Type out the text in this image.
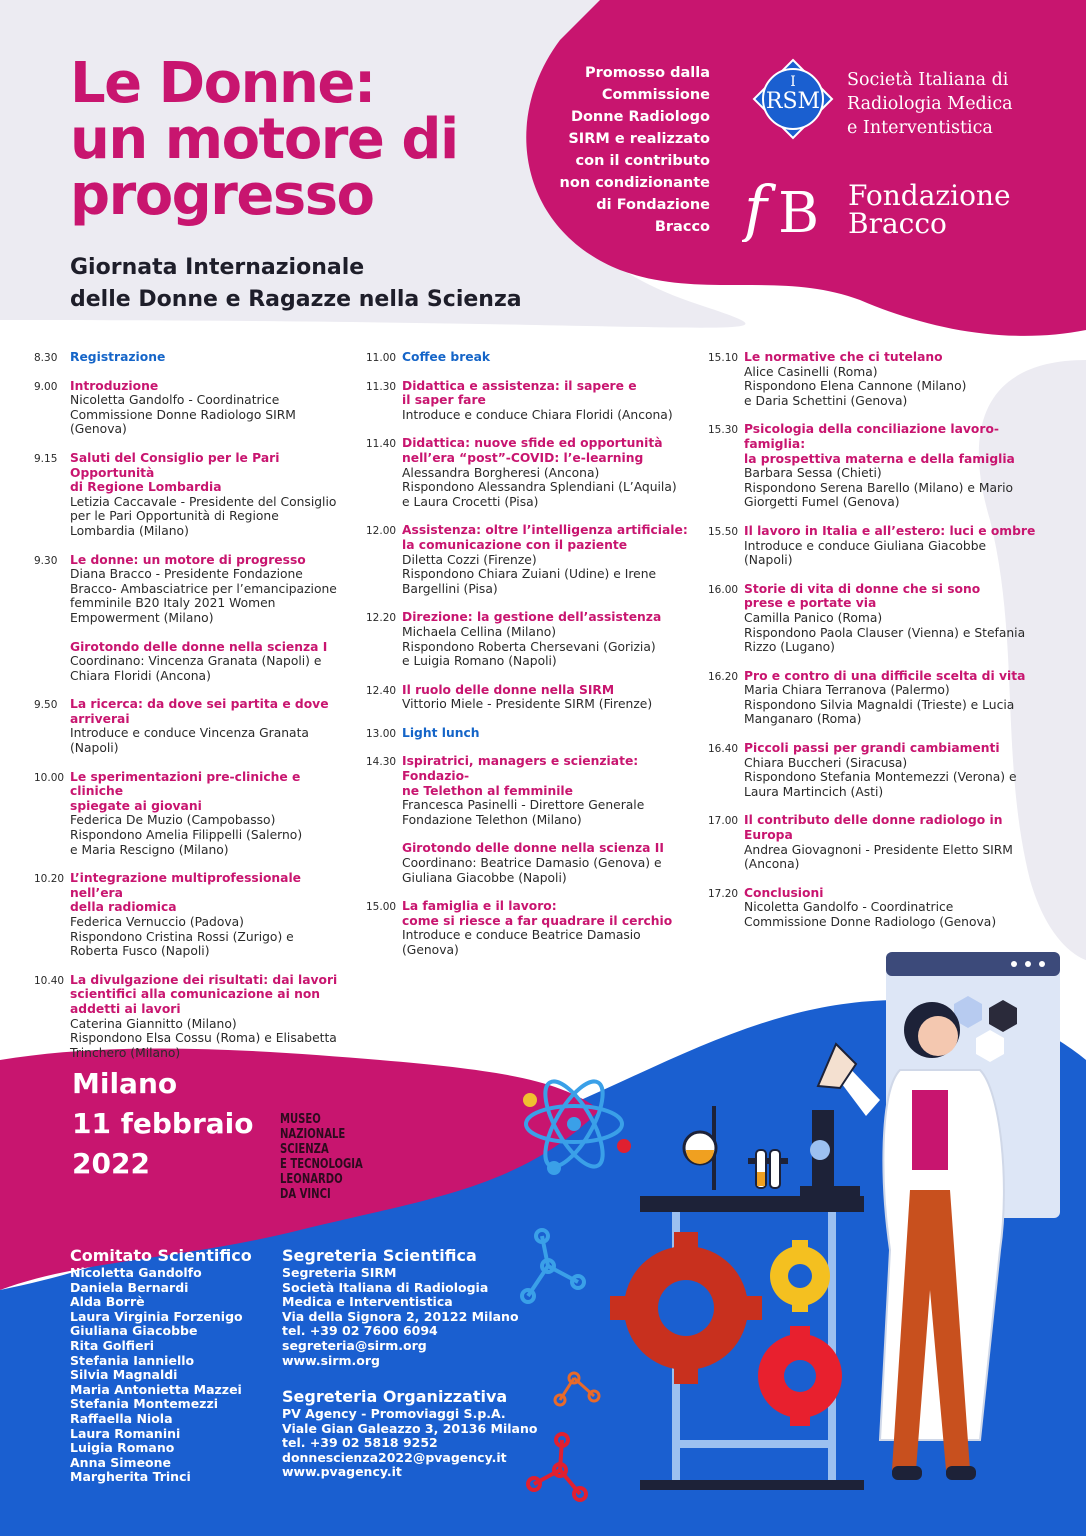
Le Donne:
un motore di
progresso
Giornata Internazionale
delle Donne e Ragazze nella Scienza
Promosso dalla
Commissione
Donne Radiologo
SIRM e realizzato
con il contributo
non condizionante
di Fondazione
Bracco
RSM
I	Società Italiana di
Radiologia Medica
e Interventistica
f B Fondazione
Bracco
8.30	Registrazione
9.00	Introduzione
Nicoletta Gandolfo - Coordinatrice
Commissione Donne Radiologo SIRM
(Genova)
9.15	Saluti del Consiglio per le Pari Opportunità
di Regione Lombardia
Letizia Caccavale - Presidente del Consiglio
per le Pari Opportunità di Regione
Lombardia (Milano)
9.30	Le donne: un motore di progresso
Diana Bracco - Presidente Fondazione
Bracco- Ambasciatrice per l’emancipazione
femminile B20 Italy 2021 Women
Empowerment (Milano)
Girotondo delle donne nella scienza I
Coordinano: Vincenza Granata (Napoli) e
Chiara Floridi (Ancona)
9.50	La ricerca: da dove sei partita e dove
arriverai
Introduce e conduce Vincenza Granata
(Napoli)
10.00 Le sperimentazioni pre-cliniche e cliniche
spiegate ai giovani
Federica De Muzio (Campobasso)
Rispondono Amelia Filippelli (Salerno)
e Maria Rescigno (Milano)
10.20 L’integrazione multiprofessionale nell’era
della radiomica
Federica Vernuccio (Padova)
Rispondono Cristina Rossi (Zurigo) e
Roberta Fusco (Napoli)
10.40 La divulgazione dei risultati: dai lavori
scientifici alla comunicazione ai non
addetti ai lavori
Caterina Giannitto (Milano)
Rispondono Elsa Cossu (Roma) e Elisabetta
Trinchero (Milano)
11.00 Coffee break
11.30 Didattica e assistenza: il sapere e
il saper fare
Introduce e conduce Chiara Floridi (Ancona)
11.40 Didattica: nuove sfide ed opportunità
nell’era “post”-COVID: l’e-learning
Alessandra Borgheresi (Ancona)
Rispondono Alessandra Splendiani (L’Aquila)
e Laura Crocetti (Pisa)
12.00 Assistenza: oltre l’intelligenza artificiale:
la comunicazione con il paziente
Diletta Cozzi (Firenze)
Rispondono Chiara Zuiani (Udine) e Irene
Bargellini (Pisa)
12.20 Direzione: la gestione dell’assistenza
Michaela Cellina (Milano)
Rispondono Roberta Chersevani (Gorizia)
e Luigia Romano (Napoli)
12.40 Il ruolo delle donne nella SIRM
Vittorio Miele - Presidente SIRM (Firenze)
13.00 Light lunch
14.30 Ispiratrici, managers e scienziate: Fondazio-
ne Telethon al femminile
Francesca Pasinelli - Direttore Generale
Fondazione Telethon (Milano)
Girotondo delle donne nella scienza II
Coordinano: Beatrice Damasio (Genova) e
Giuliana Giacobbe (Napoli)
15.00 La famiglia e il lavoro:
come si riesce a far quadrare il cerchio
Introduce e conduce Beatrice Damasio
(Genova)
15.10 Le normative che ci tutelano
Alice Casinelli (Roma)
Rispondono Elena Cannone (Milano)
e Daria Schettini (Genova)
15.30 Psicologia della conciliazione lavoro-famiglia:
la prospettiva materna e della famiglia
Barbara Sessa (Chieti)
Rispondono Serena Barello (Milano) e Mario
Giorgetti Fumel (Genova)
15.50 Il lavoro in Italia e all’estero: luci e ombre
Introduce e conduce Giuliana Giacobbe
(Napoli)
16.00 Storie di vita di donne che si sono
prese e portate via
Camilla Panico (Roma)
Rispondono Paola Clauser (Vienna) e Stefania
Rizzo (Lugano)
16.20 Pro e contro di una difficile scelta di vita
Maria Chiara Terranova (Palermo)
Rispondono Silvia Magnaldi (Trieste) e Lucia
Manganaro (Roma)
16.40 Piccoli passi per grandi cambiamenti
Chiara Buccheri (Siracusa)
Rispondono Stefania Montemezzi (Verona) e
Laura Martincich (Asti)
17.00 Il contributo delle donne radiologo in Europa
Andrea Giovagnoni - Presidente Eletto SIRM
(Ancona)
17.20 Conclusioni
Nicoletta Gandolfo - Coordinatrice
Commissione Donne Radiologo (Genova)
Milano
11 febbraio
2022
MUSEO
NAZIONALE
SCIENZA
E TECNOLOGIA
LEONARDO
DA VINCI
Comitato Scientifico
Nicoletta Gandolfo
Daniela Bernardi
Alda Borrè
Laura Virginia Forzenigo
Giuliana Giacobbe
Rita Golfieri
Stefania Ianniello
Silvia Magnaldi
Maria Antonietta Mazzei
Stefania Montemezzi
Raffaella Niola
Laura Romanini
Luigia Romano
Anna Simeone
Margherita Trinci
Segreteria Scientifica
Segreteria SIRM
Società Italiana di Radiologia
Medica e Interventistica
Via della Signora 2, 20122 Milano
tel. +39 02 7600 6094
segreteria@sirm.org
www.sirm.org
Segreteria Organizzativa
PV Agency - Promoviaggi S.p.A.
Viale Gian Galeazzo 3, 20136 Milano
tel. +39 02 5818 9252
donnescienza2022@pvagency.it
www.pvagency.it
